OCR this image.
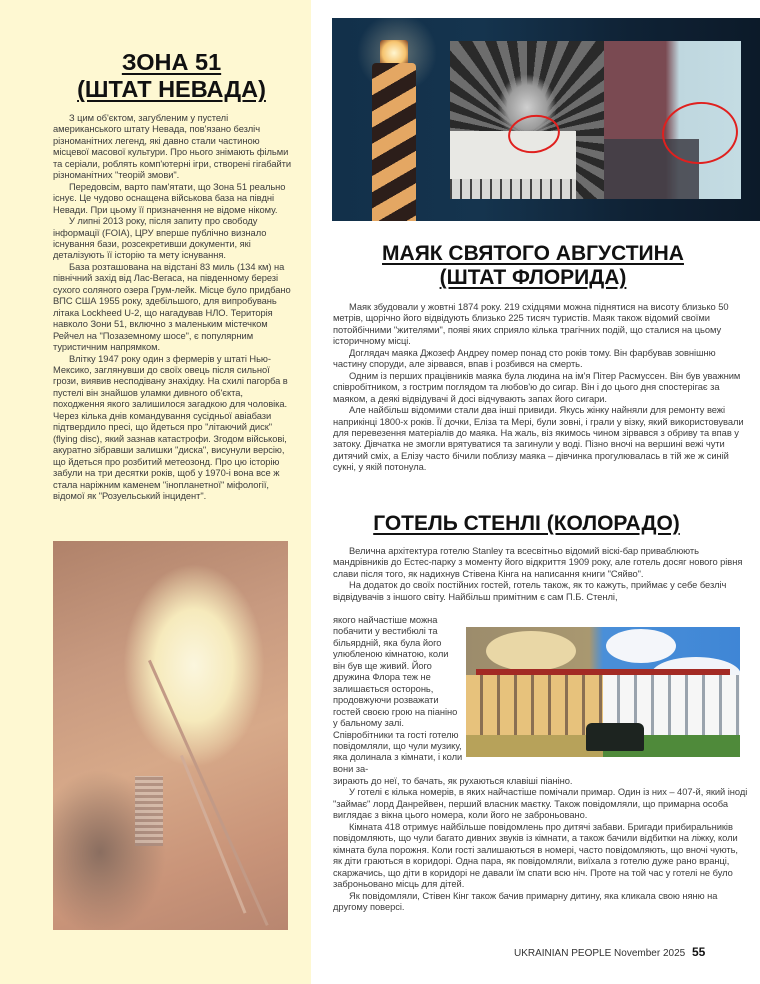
ЗОНА 51
(ШТАТ НЕВАДА)

З цим об'єктом, загубленим у пустелі американського штату Невада, пов'язано безліч різноманітних легенд, які давно стали частиною місцевої масової культури. Про нього знімають фільми та серіали, роблять комп'ютерні ігри, створені гігабайти різноманітних "теорій змови".

Передовсім, варто пам'ятати, що Зона 51 реально існує. Це чудово оснащена військова база на півдні Невади. При цьому її призначення не відоме нікому.

У липні 2013 року, після запиту про свободу інформації (FOIA), ЦРУ вперше публічно визнало існування бази, розсекретивши документи, які деталізують її історію та мету існування.

База розташована на відстані 83 миль (134 км) на північний захід від Лас-Вегаса, на південному березі сухого соляного озера Грум-лейк. Місце було придбано ВПС США 1955 року, здебільшого, для випробувань літака Lockheed U-2, що нагадував НЛО. Територія навколо Зони 51, включно з маленьким містечком Рейчел на "Позаземному шосе", є популярним туристичним напрямком.

Влітку 1947 року один з фермерів у штаті Нью-Мексико, заглянувши до своїх овець після сильної грози, виявив несподівану знахідку. На схилі пагорба в пустелі він знайшов уламки дивного об'єкта, походження якого залишилося загадкою для чоловіка. Через кілька днів командування сусідньої авіабази підтвердило пресі, що йдеться про "літаючий диск" (flying disc), який зазнав катастрофи. Згодом військові, акуратно зібравши залишки "диска", висунули версію, що йдеться про розбитий метеозонд. Про цю історію забули на три десятки років, щоб у 1970-і вона все ж стала наріжним каменем "інопланетної" міфології, відомої як "Розуельський інцидент".

МАЯК СВЯТОГО АВГУСТИНА
(ШТАТ ФЛОРИДА)

Маяк збудовали у жовтні 1874 року. 219 східцями можна піднятися на висоту близько 50 метрів, щорічно його відвідують близько 225 тисяч туристів. Маяк також відомий своїми потойбічними "жителями", появі яких сприяло кілька трагічних подій, що сталися на цьому історичному місці.

Доглядач маяка Джозеф Андреу помер понад сто років тому. Він фарбував зовнішню частину споруди, але зірвався, впав і розбився на смерть.

Одним із перших працівників маяка була людина на ім'я Пітер Расмуссен. Він був уважним співробітником, з гострим поглядом та любов'ю до сигар. Він і до цього дня спостерігає за маяком, а деякі відвідувачі й досі відчувають запах його сигари.

Але найбільш відомими стали два інші привиди. Якусь жінку найняли для ремонту вежі наприкінці 1800-х років. Її дочки, Еліза та Мері, були зовні, і грали у візку, який використовували для перевезення матеріалів до маяка. На жаль, віз якимось чином зірвався з обриву та впав у затоку. Дівчатка не змогли врятуватися та загинули у воді. Пізно вночі на вершині вежі чути дитячий сміх, а Елізу часто бічили поблизу маяка – дівчинка прогулювалась в тій же ж синій сукні, у якій потонула.

ГОТЕЛЬ СТЕНЛІ (КОЛОРАДО)

Велична архітектура готелю Stanley та всесвітньо відомий віскі-бар приваблюють мандрівників до Естес-парку з моменту його відкриття 1909 року, але готель досяг нового рівня слави після того, як надихнув Стівена Кінга на написання книги "Сяйво".

На додаток до своїх постійних гостей, готель також, як то кажуть, приймає у себе безліч відвідувачів з іншого світу. Найбільш примітним є сам П.Б. Стенлі,

якого найчастіше можна побачити у вестибюлі та більярдній, яка була його улюбленою кімнатою, коли він був ще живий. Його дружина Флора теж не залишається осторонь, продовжуючи розважати гостей своєю грою на піаніно у бальному залі. Співробітники та гості готелю повідомляли, що чули музику, яка долинала з кімнати, і коли вони за-

зирають до неї, то бачать, як рухаються клавіші піаніно.

У готелі є кілька номерів, в яких найчастіше помічали примар. Один із них – 407-й, який іноді "займає" лорд Данрейвен, перший власник маєтку. Також повідомляли, що примарна особа виглядає з вікна цього номера, коли його не заброньовано.

Кімната 418 отримує найбільше повідомлень про дитячі забави. Бригади прибиральників повідомляють, що чули багато дивних звуків із кімнати, а також бачили відбитки на ліжку, коли кімната була порожня. Коли гості залишаються в номері, часто повідомляють, що вночі чують, як діти граються в коридорі. Одна пара, як повідомляли, виїхала з готелю дуже рано вранці, скаржачись, що діти в коридорі не давали їм спати всю ніч. Проте на той час у готелі не було заброньовано місць для дітей.

Як повідомляли, Стівен Кінг також бачив примарну дитину, яка кликала свою няню на другому поверсі.

UKRAINIAN PEOPLE November 2025 55
